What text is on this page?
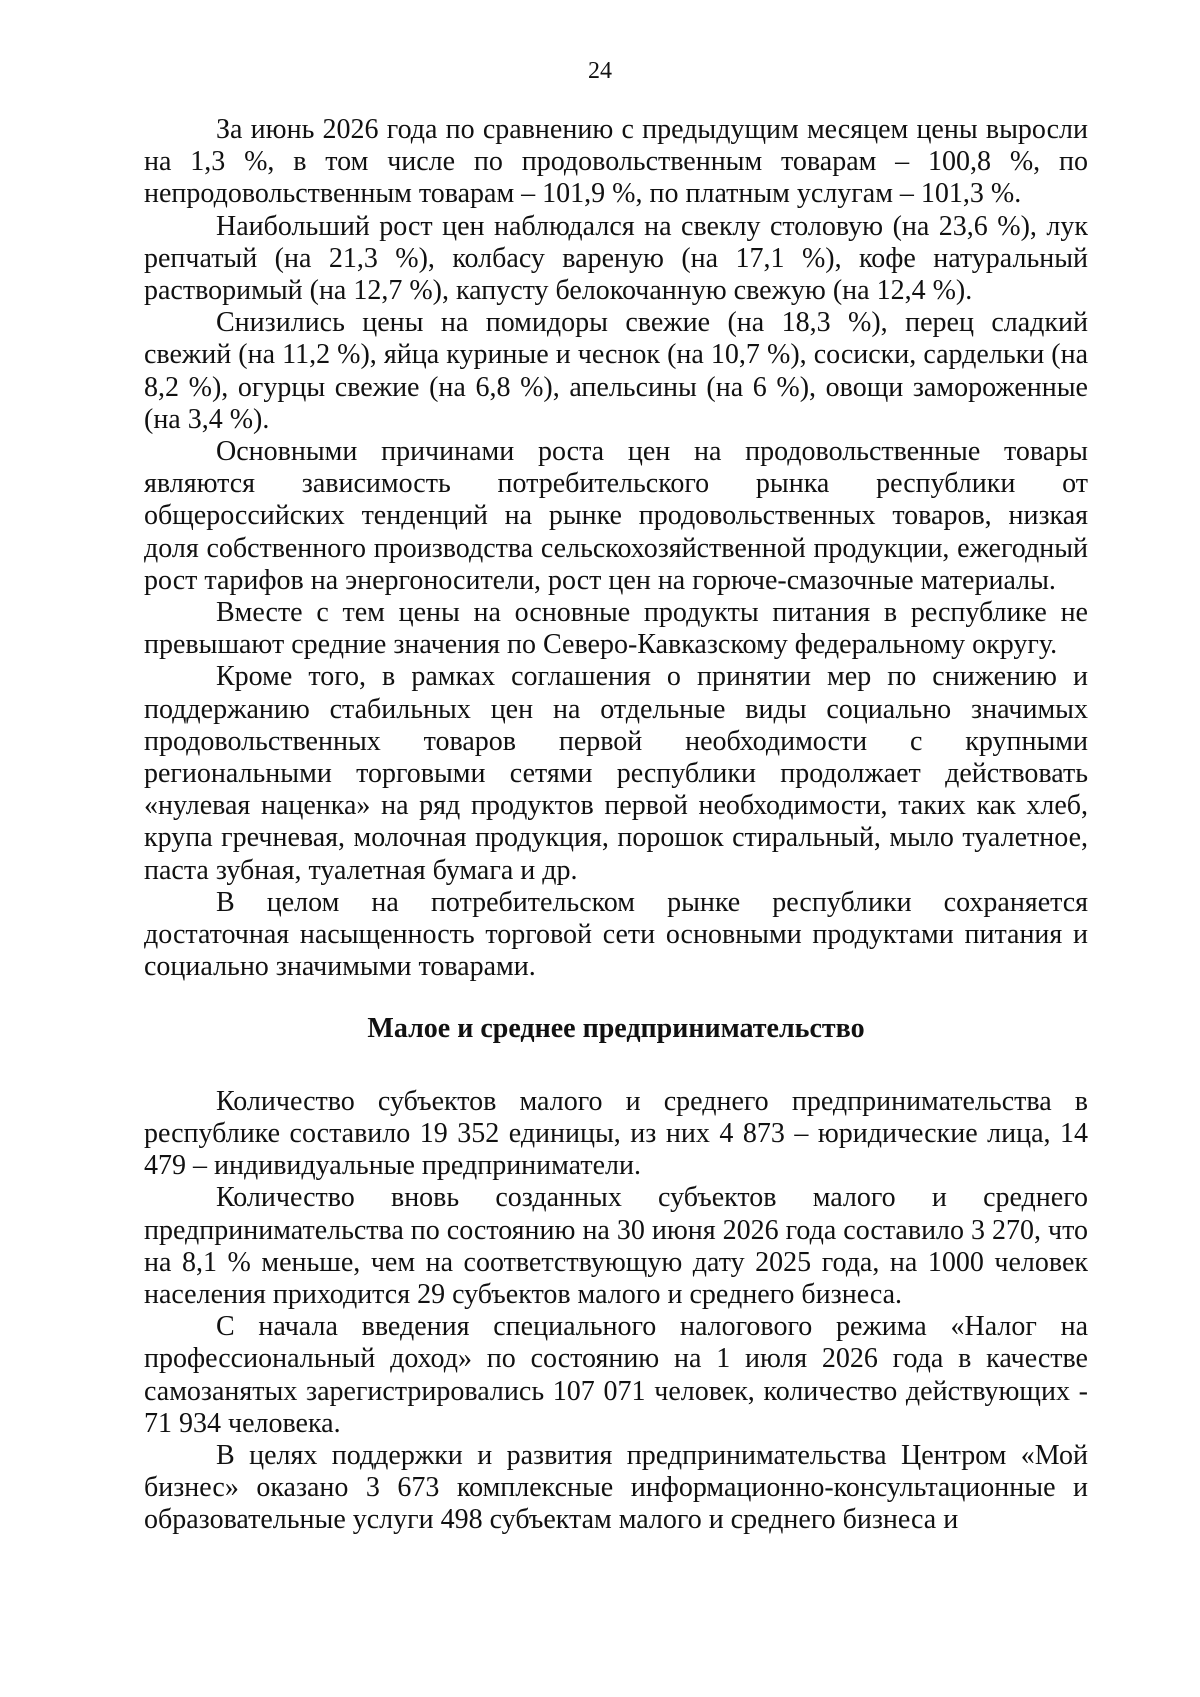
24

За июнь 2026 года по сравнению с предыдущим месяцем цены выросли на 1,3 %, в том числе по продовольственным товарам – 100,8 %, по непродовольственным товарам – 101,9 %, по платным услугам – 101,3 %.

Наибольший рост цен наблюдался на свеклу столовую (на 23,6 %), лук репчатый (на 21,3 %), колбасу вареную (на 17,1 %), кофе натуральный растворимый (на 12,7 %), капусту белокочанную свежую (на 12,4 %).

Снизились цены на помидоры свежие (на 18,3 %), перец сладкий свежий (на 11,2 %), яйца куриные и чеснок (на 10,7 %), сосиски, сардельки (на 8,2 %), огурцы свежие (на 6,8 %), апельсины (на 6 %), овощи замороженные (на 3,4 %).

Основными причинами роста цен на продовольственные товары являются зависимость потребительского рынка республики от общероссийских тенденций на рынке продовольственных товаров, низкая доля собственного производства сельскохозяйственной продукции, ежегодный рост тарифов на энергоносители, рост цен на горюче-смазочные материалы.

Вместе с тем цены на основные продукты питания в республике не превышают средние значения по Северо-Кавказскому федеральному округу.

Кроме того, в рамках соглашения о принятии мер по снижению и поддержанию стабильных цен на отдельные виды социально значимых продовольственных товаров первой необходимости с крупными региональными торговыми сетями республики продолжает действовать «нулевая наценка» на ряд продуктов первой необходимости, таких как хлеб, крупа гречневая, молочная продукция, порошок стиральный, мыло туалетное, паста зубная, туалетная бумага и др.

В целом на потребительском рынке республики сохраняется достаточная насыщенность торговой сети основными продуктами питания и социально значимыми товарами.

Малое и среднее предпринимательство

Количество субъектов малого и среднего предпринимательства в республике составило 19 352 единицы, из них 4 873 – юридические лица, 14 479 – индивидуальные предприниматели.

Количество вновь созданных субъектов малого и среднего предпринимательства по состоянию на 30 июня 2026 года составило 3 270, что на 8,1 % меньше, чем на соответствующую дату 2025 года, на 1000 человек населения приходится 29 субъектов малого и среднего бизнеса.

С начала введения специального налогового режима «Налог на профессиональный доход» по состоянию на 1 июля 2026 года в качестве самозанятых зарегистрировались 107 071 человек, количество действующих - 71 934 человека.

В целях поддержки и развития предпринимательства Центром «Мой бизнес» оказано 3 673 комплексные информационно-консультационные и образовательные услуги 498 субъектам малого и среднего бизнеса и
